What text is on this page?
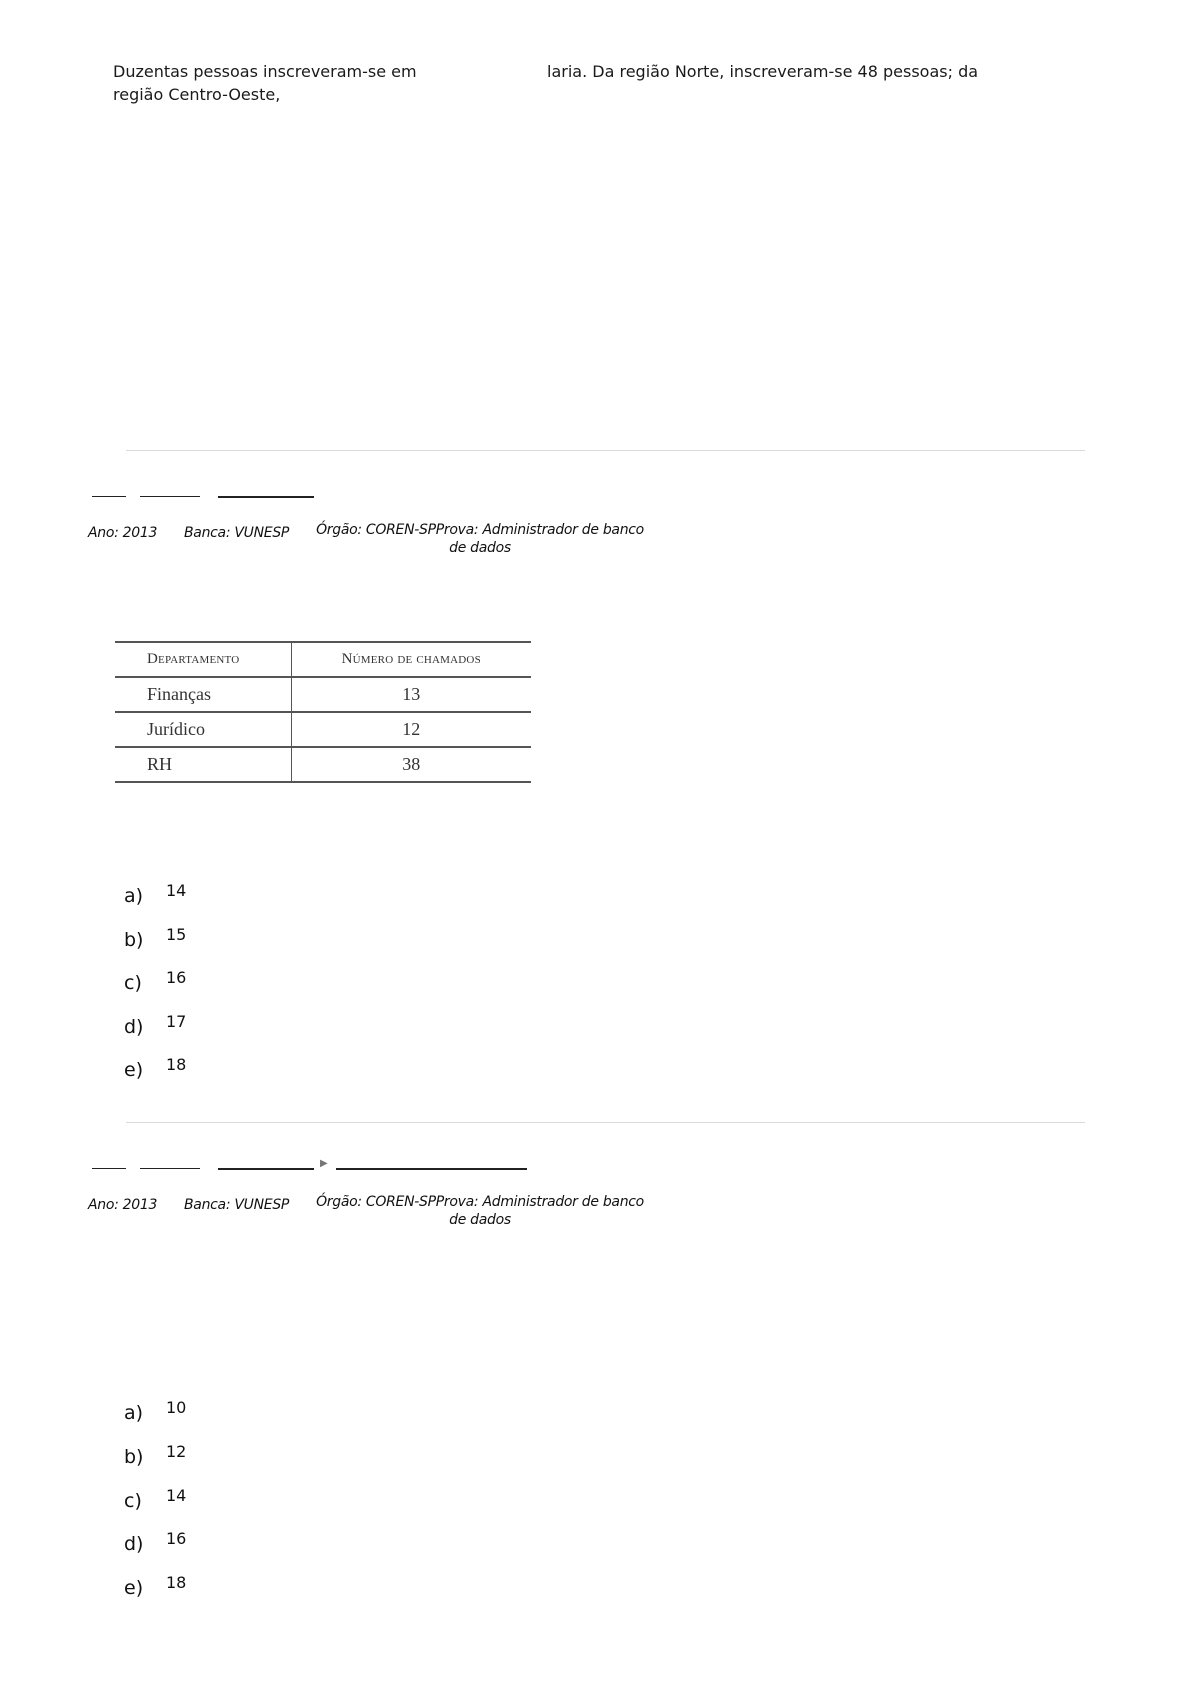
Duzentas pessoas inscreveram-se em
região Centro-Oeste,
laria. Da região Norte, inscreveram-se 48 pessoas; da
Ano: 2013 Banca: VUNESP	Órgão: COREN-SPProva: Administrador de banco
de dados
Departamento	Número de chamados
Finanças	13
Jurídico	12
RH	38
a) 14
b) 15
c) 16
d) 17
e) 18
▶
Ano: 2013 Banca: VUNESP	Órgão: COREN-SPProva: Administrador de banco
de dados
a) 10
b) 12
c) 14
d) 16
e) 18
